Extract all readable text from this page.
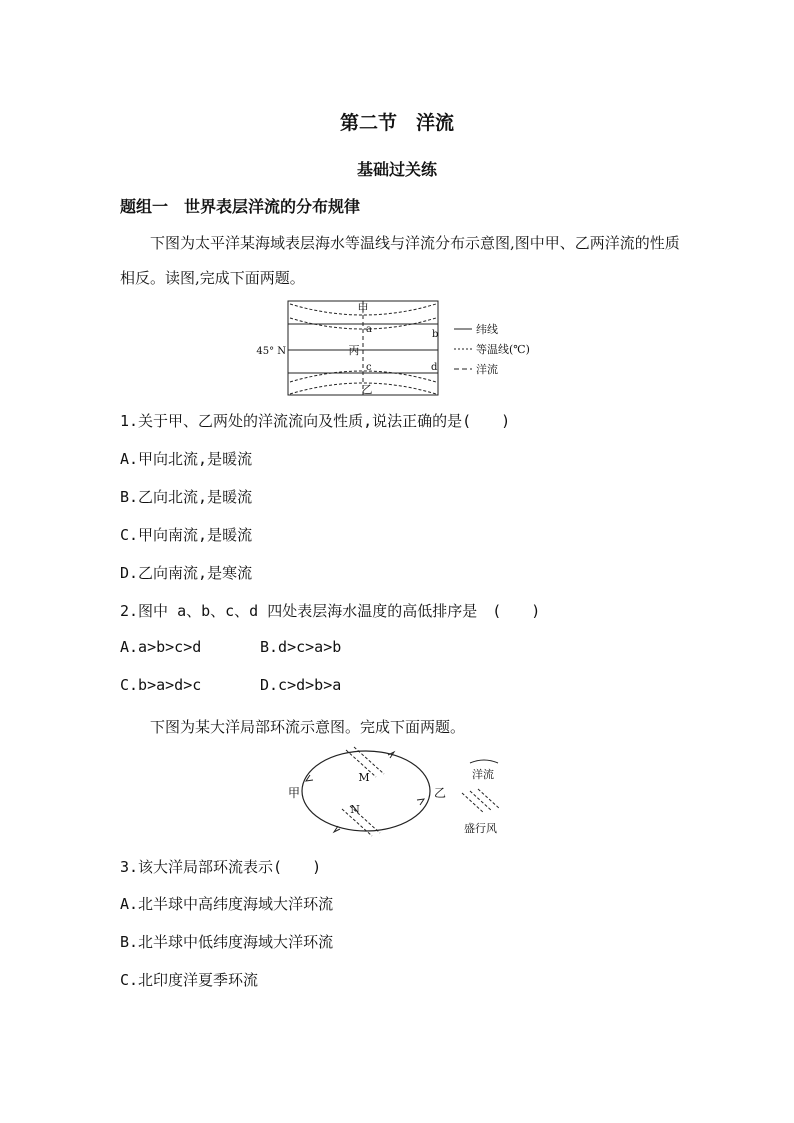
第二节　洋流
基础过关练
题组一　世界表层洋流的分布规律
下图为太平洋某海域表层海水等温线与洋流分布示意图,图中甲、乙两洋流的性质相反。读图,完成下面两题。
甲
a	b
丙
c	d
乙
45° N
纬线
等温线(℃)
洋流
1.关于甲、乙两处的洋流流向及性质,说法正确的是(　　)
A.甲向北流,是暖流
B.乙向北流,是暖流
C.甲向南流,是暖流
D.乙向南流,是寒流
2.图中 a、b、c、d 四处表层海水温度的高低排序是　(　　)
A.a>b>c>d	B.d>c>a>b
C.b>a>d>c	D.c>d>b>a
下图为某大洋局部环流示意图。完成下面两题。
M
N
甲	乙
洋流
盛行风
3.该大洋局部环流表示(　　)
A.北半球中高纬度海域大洋环流
B.北半球中低纬度海域大洋环流
C.北印度洋夏季环流
